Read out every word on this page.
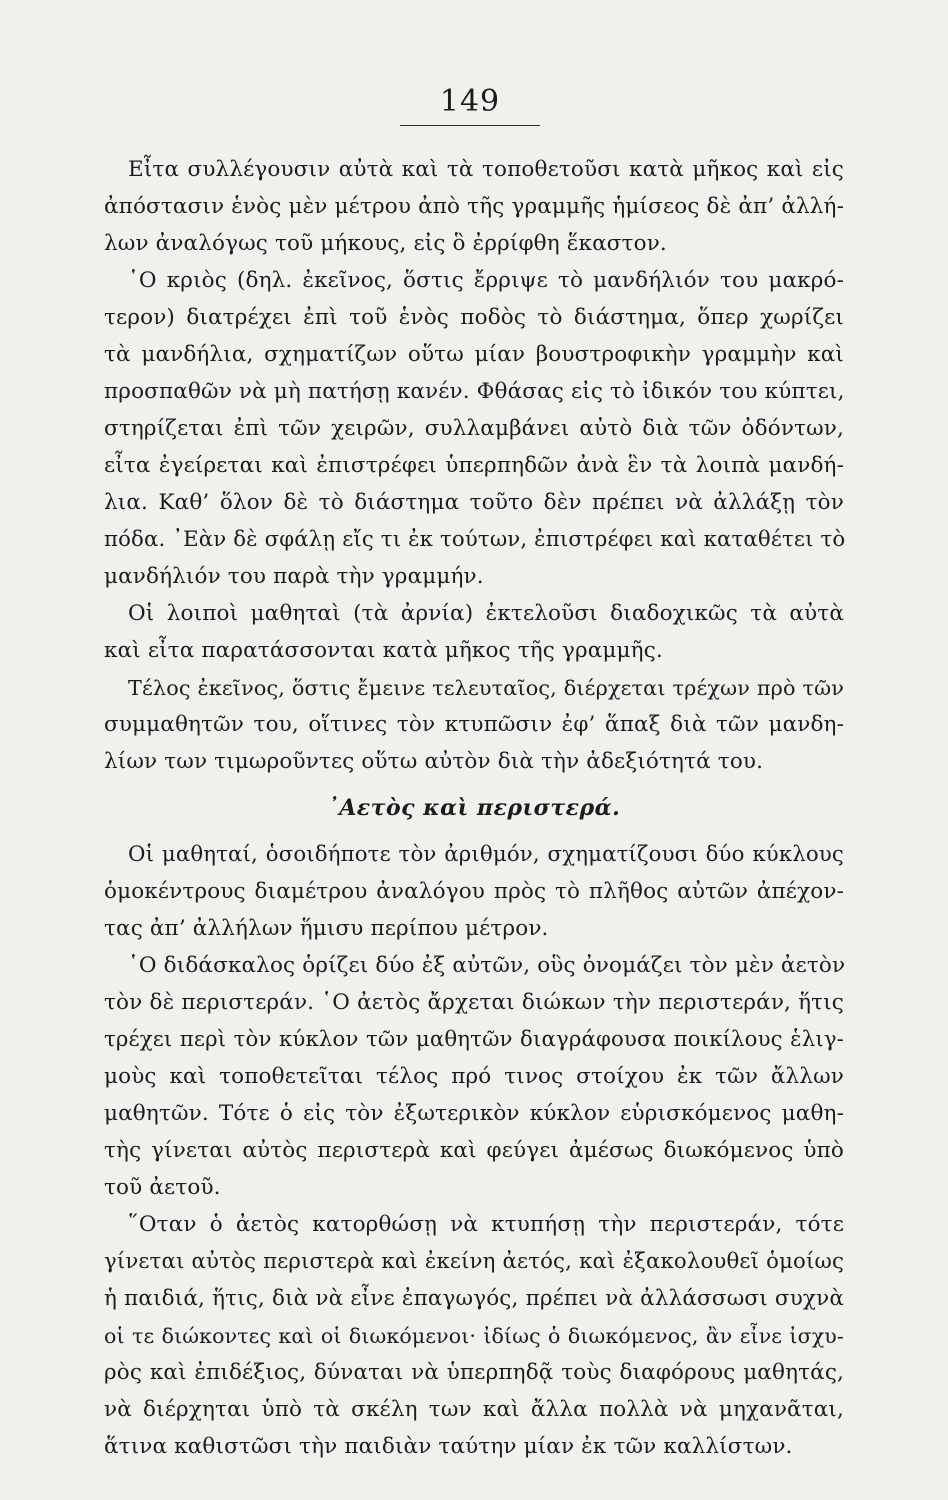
149
Εἶτα συλλέγουσιν αὐτὰ καὶ τὰ τοποθετοῦσι κατὰ μῆκος καὶ εἰς
ἀπόστασιν ἑνὸς μὲν μέτρου ἀπὸ τῆς γραμμῆς ἡμίσεος δὲ ἀπ’ ἀλλή-
λων ἀναλόγως τοῦ μήκους, εἰς ὃ ἐρρίφθη ἕκαστον.
῾Ο κριὸς (δηλ. ἐκεῖνος, ὅστις ἔρριψε τὸ μανδήλιόν του μακρό-
τερον) διατρέχει ἐπὶ τοῦ ἑνὸς ποδὸς τὸ διάστημα, ὅπερ χωρίζει
τὰ μανδήλια, σχηματίζων οὕτω μίαν βουστροφικὴν γραμμὴν καὶ
προσπαθῶν νὰ μὴ πατήσῃ κανέν. Φθάσας εἰς τὸ ἰδικόν του κύπτει,
στηρίζεται ἐπὶ τῶν χειρῶν, συλλαμβάνει αὐτὸ διὰ τῶν ὀδόντων,
εἶτα ἐγείρεται καὶ ἐπιστρέφει ὑπερπηδῶν ἀνὰ ἓν τὰ λοιπὰ μανδή-
λια. Καθ’ ὅλον δὲ τὸ διάστημα τοῦτο δὲν πρέπει νὰ ἀλλάξῃ τὸν
πόδα. ᾿Εὰν δὲ σφάλῃ εἴς τι ἐκ τούτων, ἐπιστρέφει καὶ καταθέτει τὸ
μανδήλιόν του παρὰ τὴν γραμμήν.
Οἱ λοιποὶ μαθηταὶ (τὰ ἀρνία) ἐκτελοῦσι διαδοχικῶς τὰ αὐτὰ
καὶ εἶτα παρατάσσονται κατὰ μῆκος τῆς γραμμῆς.
Τέλος ἐκεῖνος, ὅστις ἔμεινε τελευταῖος, διέρχεται τρέχων πρὸ τῶν
συμμαθητῶν του, οἵτινες τὸν κτυπῶσιν ἐφ’ ἅπαξ διὰ τῶν μανδη-
λίων των τιμωροῦντες οὕτω αὐτὸν διὰ τὴν ἀδεξιότητά του.
᾿Αετὸς καὶ περιστερά.
Οἱ μαθηταί, ὁσοιδήποτε τὸν ἀριθμόν, σχηματίζουσι δύο κύκλους
ὁμοκέντρους διαμέτρου ἀναλόγου πρὸς τὸ πλῆθος αὐτῶν ἀπέχον-
τας ἀπ’ ἀλλήλων ἥμισυ περίπου μέτρον.
῾Ο διδάσκαλος ὁρίζει δύο ἐξ αὐτῶν, οὓς ὀνομάζει τὸν μὲν ἀετὸν
τὸν δὲ περιστεράν. ῾Ο ἀετὸς ἄρχεται διώκων τὴν περιστεράν, ἥτις
τρέχει περὶ τὸν κύκλον τῶν μαθητῶν διαγράφουσα ποικίλους ἑλιγ-
μοὺς καὶ τοποθετεῖται τέλος πρό τινος στοίχου ἐκ τῶν ἄλλων
μαθητῶν. Τότε ὁ εἰς τὸν ἐξωτερικὸν κύκλον εὑρισκόμενος μαθη-
τὴς γίνεται αὐτὸς περιστερὰ καὶ φεύγει ἀμέσως διωκόμενος ὑπὸ
τοῦ ἀετοῦ.
῞Οταν ὁ ἀετὸς κατορθώσῃ νὰ κτυπήσῃ τὴν περιστεράν, τότε
γίνεται αὐτὸς περιστερὰ καὶ ἐκείνη ἀετός, καὶ ἐξακολουθεῖ ὁμοίως
ἡ παιδιά, ἥτις, διὰ νὰ εἶνε ἐπαγωγός, πρέπει νὰ ἀλλάσσωσι συχνὰ
οἱ τε διώκοντες καὶ οἱ διωκόμενοι· ἰδίως ὁ διωκόμενος, ἂν εἶνε ἰσχυ-
ρὸς καὶ ἐπιδέξιος, δύναται νὰ ὑπερπηδᾷ τοὺς διαφόρους μαθητάς,
νὰ διέρχηται ὑπὸ τὰ σκέλη των καὶ ἄλλα πολλὰ νὰ μηχανᾶται,
ἅτινα καθιστῶσι τὴν παιδιὰν ταύτην μίαν ἐκ τῶν καλλίστων.
